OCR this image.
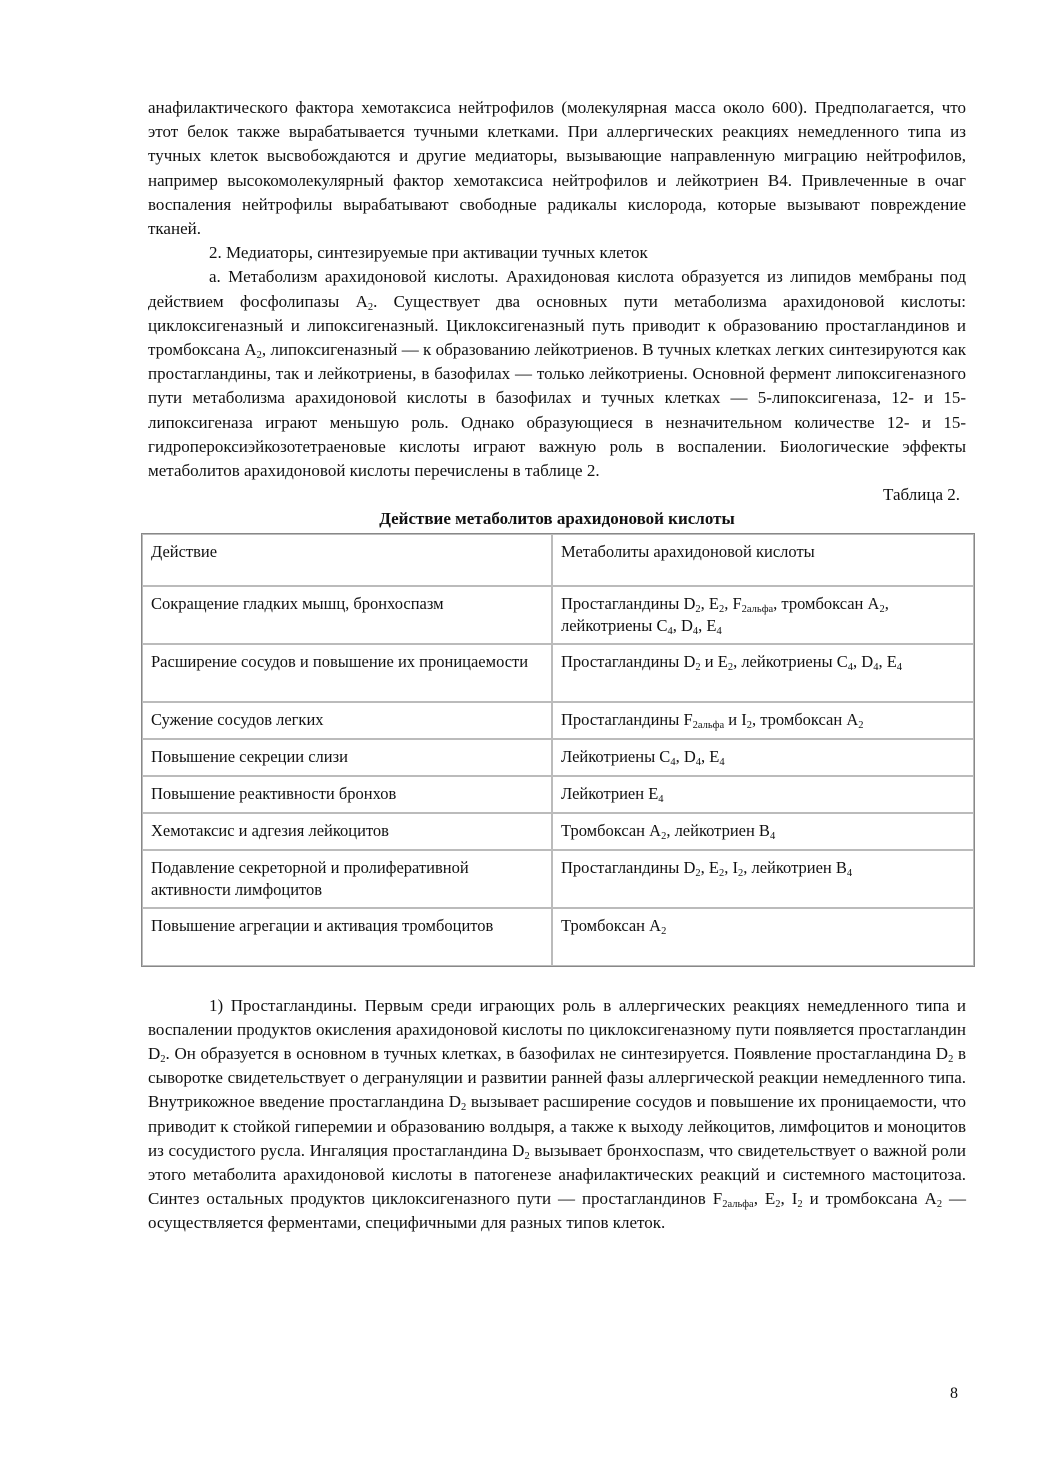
анафилактического фактора хемотаксиса нейтрофилов (молекулярная масса около 600). Предполагается, что этот белок также вырабатывается тучными клетками. При аллергических реакциях немедленного типа из тучных клеток высвобождаются и другие медиаторы, вызывающие направленную миграцию нейтрофилов, например высокомолекулярный фактор хемотаксиса нейтрофилов и лейкотриен B4. Привлеченные в очаг воспаления нейтрофилы вырабатывают свободные радикалы кислорода, которые вызывают повреждение тканей.

2. Медиаторы, синтезируемые при активации тучных клеток

а. Метаболизм арахидоновой кислоты. Арахидоновая кислота образуется из липидов мембраны под действием фосфолипазы $A_2$. Существует два основных пути метаболизма арахидоновой кислоты: циклоксигеназный и липоксигеназный. Циклоксигеназный путь приводит к образованию простагландинов и тромбоксана $A_2$, липоксигеназный — к образованию лейкотриенов. В тучных клетках легких синтезируются как простагландины, так и лейкотриены, в базофилах — только лейкотриены. Основной фермент липоксигеназного пути метаболизма арахидоновой кислоты в базофилах и тучных клетках — 5-липоксигеназа, 12- и 15-липоксигеназа играют меньшую роль. Однако образующиеся в незначительном количестве 12- и 15-гидропероксиэйкозотетраеновые кислоты играют важную роль в воспалении. Биологические эффекты метаболитов арахидоновой кислоты перечислены в таблице 2.

Таблица 2.

Действие метаболитов арахидоновой кислоты

Действие	Метаболиты арахидоновой кислоты
Сокращение гладких мышц, бронхоспазм	Простагландины $D_2$, $E_2$, $F_{2альфа}$, тромбоксан $A_2$, лейкотриены $C_4$, $D_4$, $E_4$
Расширение сосудов и повышение их проницаемости	Простагландины $D_2$ и $E_2$, лейкотриены $C_4$, $D_4$, $E_4$
Сужение сосудов легких	Простагландины $F_{2альфа}$ и $I_2$, тромбоксан $A_2$
Повышение секреции слизи	Лейкотриены $C_4$, $D_4$, $E_4$
Повышение реактивности бронхов	Лейкотриен $E_4$
Хемотаксис и адгезия лейкоцитов	Тромбоксан $A_2$, лейкотриен $B_4$
Подавление секреторной и пролиферативной активности лимфоцитов	Простагландины $D_2$, $E_2$, $I_2$, лейкотриен $B_4$
Повышение агрегации и активация тромбоцитов	Тромбоксан $A_2$

1) Простагландины. Первым среди играющих роль в аллергических реакциях немедленного типа и воспалении продуктов окисления арахидоновой кислоты по циклоксигеназному пути появляется простагландин $D_2$. Он образуется в основном в тучных клетках, в базофилах не синтезируется. Появление простагландина $D_2$ в сыворотке свидетельствует о дегрануляции и развитии ранней фазы аллергической реакции немедленного типа. Внутрикожное введение простагландина $D_2$ вызывает расширение сосудов и повышение их проницаемости, что приводит к стойкой гиперемии и образованию волдыря, а также к выходу лейкоцитов, лимфоцитов и моноцитов из сосудистого русла. Ингаляция простагландина $D_2$ вызывает бронхоспазм, что свидетельствует о важной роли этого метаболита арахидоновой кислоты в патогенезе анафилактических реакций и системного мастоцитоза. Синтез остальных продуктов циклоксигеназного пути — простагландинов $F_{2альфа}$, $E_2$, $I_2$ и тромбоксана $A_2$ — осуществляется ферментами, специфичными для разных типов клеток.

8
